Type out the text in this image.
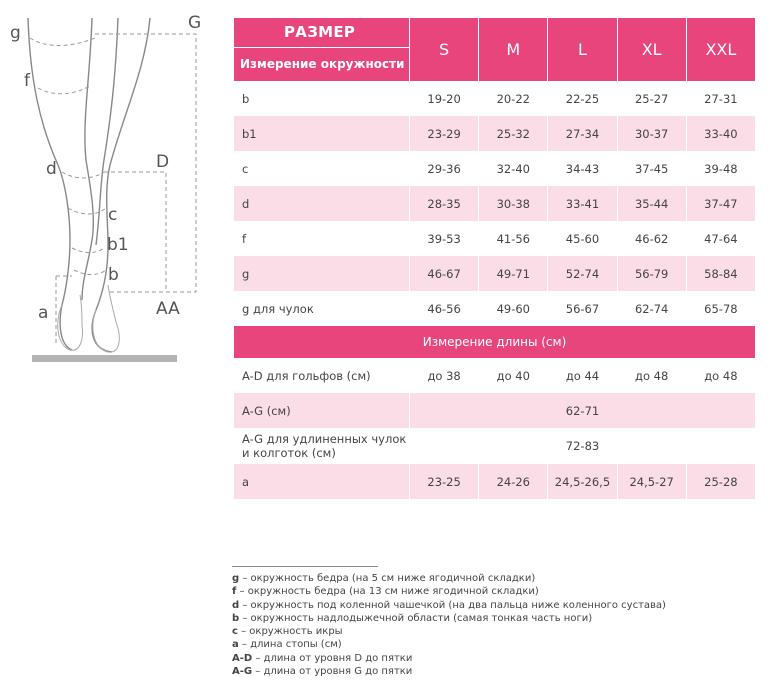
g	G
f
d	D
c
b1
b
a	AA
РАЗМЕР
Измерение окружности	S	M	L	XL	XXL
b	19-20	20-22	22-25	25-27	27-31
b1	23-29	25-32	27-34	30-37	33-40
c	29-36	32-40	34-43	37-45	39-48
d	28-35	30-38	33-41	35-44	37-47
f	39-53	41-56	45-60	46-62	47-64
g	46-67	49-71	52-74	56-79	58-84
g для чулок	46-56	49-60	56-67	62-74	65-78
Измерение длины (см)					
A-D для гольфов (см)	до 38	до 40	до 44	до 48	до 48
A-G (см)	62-71				
A-G для удлиненных чулок
и колготок (см)	72-83				
a	23-25	24-26	24,5-26,5	24,5-27	25-28
g – окружность бедра (на 5 см ниже ягодичной складки)
f – окружность бедра (на 13 см ниже ягодичной складки)
d – окружность под коленной чашечкой (на два пальца ниже коленного сустава)
b – окружность надлодыжечной области (самая тонкая часть ноги)
c – окружность икры
a – длина стопы (см)
A-D – длина от уровня D до пятки
A-G – длина от уровня G до пятки
